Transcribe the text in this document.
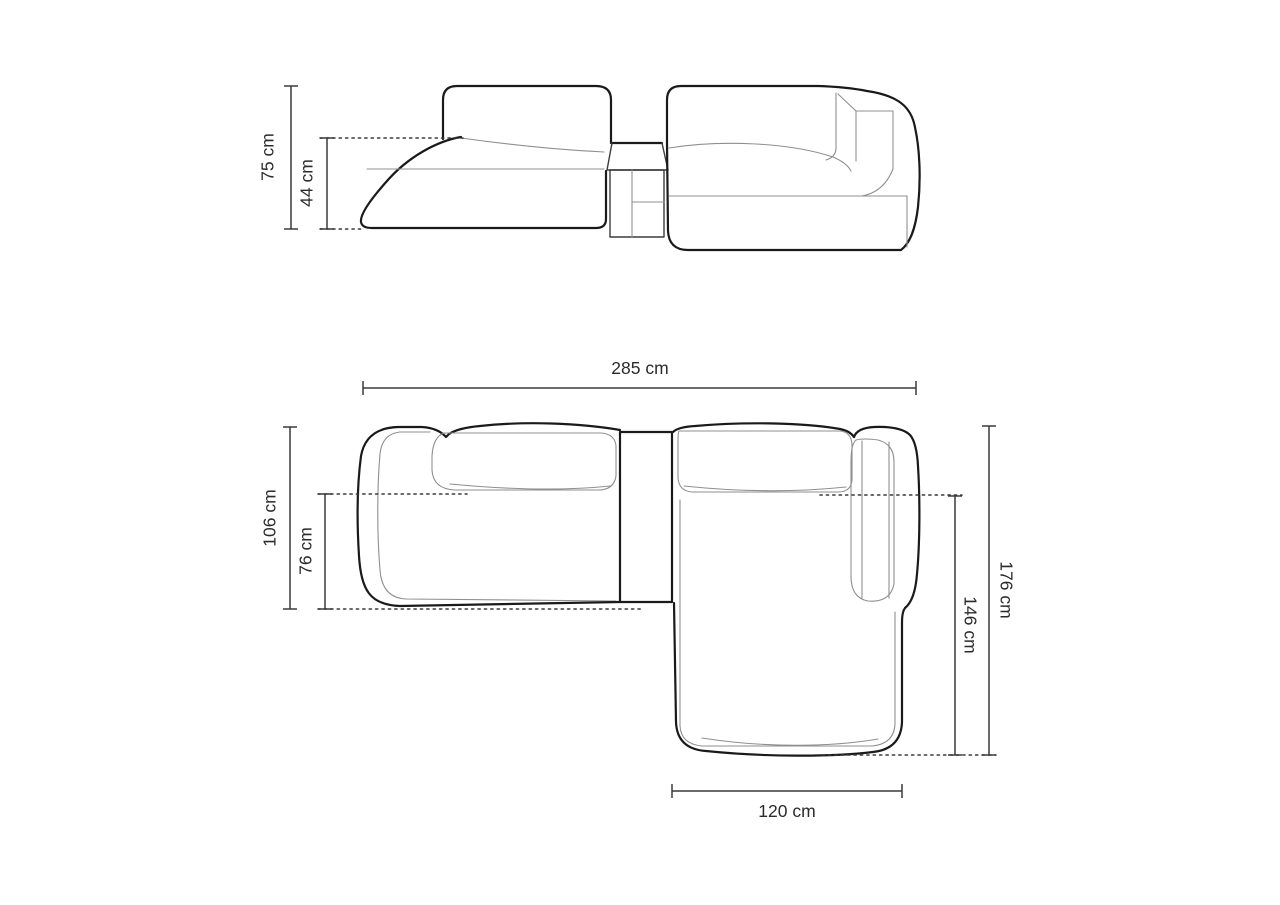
75 cm
44 cm
285 cm
106 cm
76 cm
146 cm
176 cm
120 cm
